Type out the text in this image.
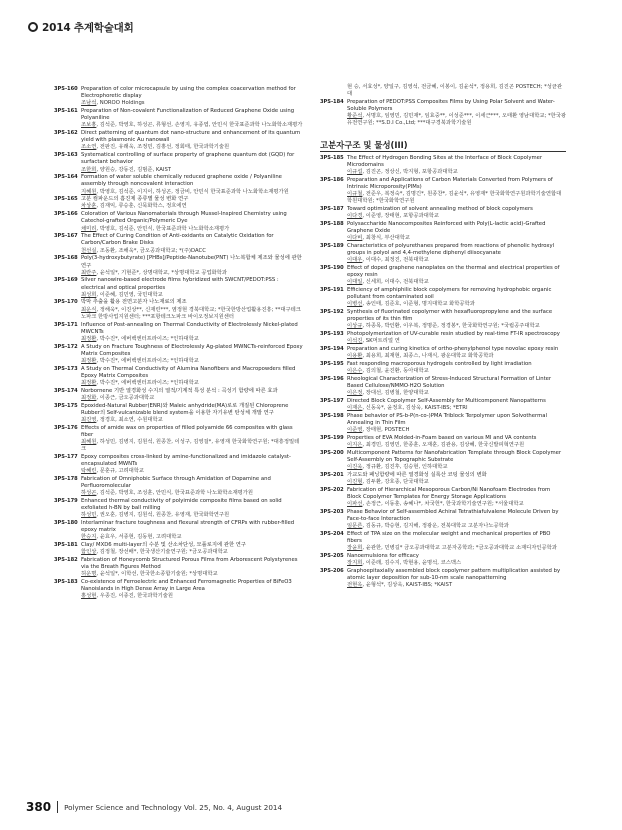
2014 추계학술대회
3PS-160 Preparation of color microcapsule by using the complex coacervation method for Electrophoretic display
조남석, NOROO Holdings
3PS-161 Preparation of Non-covalent Functionalization of Reduced Graphene Oxide using Polyaniline
조보홍, 김석준, 박영호, 하성곤, 류형선, 손영지, 유종엽, 안민식 한국표준과학 나노화학소재평가
3PS-162 Direct patterning of quantum dot nano-structure and enhancement of its quantum yield with plasmonic Au nanowall
조소연, 전판진, 유래욱, 조정민, 김홍선, 정회태, 한국과학기술원
3PS-163 Systematical controlling of surface property of graphene quantum dot (GQD) for surfactant behavior
조한희, 양원승, 강동진, 김범준, KAIST
3PS-164 Formation of water soluble chemically reduced graphene oxide / Polyaniline assembly through noncovalent interaction
지혜원, 박영호, 김석준, 이지이, 하성곤, 정금비, 안민식 한국표준과학 나노화학소재평가원
3PS-165 고분 컴파운드의 흡진제 종류별 물성 변화 연구
차상훈, 김재익, 류승훈, 신묵화학스, 정흐에연
3PS-166 Coloration of Various Nanomaterials through Mussel-Inspired Chemistry using Catechol-grafted Organic/Polymeric Dye
채미리, 박영호, 김석준, 안민식, 한국표준과학 나노화학소재평가
3PS-167 The Effect of Curing Condition of Anti-oxidants on Catalytic Oxidation for Carbon/Carbon Brake Disks
천선실, 조동환, 조해욱*, 금오공과대학교; *(주)DACC
3PS-168 Poly(3-hydroxybutyrate) [PHBs]/Peptide-Nanotube(PNT) 나노복합체 제조와 물성에 관한 연구
최란주, 윤석일*, 기현준*, 상명대학교, *상명대학교 공업화학과
3PS-169 Silver nanowire-based electrode films hybridized with SWCNT/PEDOT:PSS : electrical and optical properties
최성희, 이준혜, 김민영, 국민대학교
3PS-170 박막 추출을 활용 전면고분자 나노재료의 제조
최운식, 정해욱*, 이진상**, 신재린***, 염정현 경북대학교; *한국한방산업활용진흥; **대구테크노파크 한방사업지원센터; ***포항테크노파크 바이오정보지원센터
3PS-171 Influence of Post-annealing on Thermal Conductivity of Electrolessly Nickel-plated MWCNTs
최정환, 박수진*, 에버백엔터프라이즈; *인하대학교
3PS-172 A Study on Fracture Toughness of Electrolessly Ag-plated MWNCTs-reinforced Epoxy Matrix Composites
최정환, 박수진*, 에버백엔터프라이즈; *인하대학교
3PS-173 A Study on Thermal Conductivity of Alumina Nanofibers and Macropowders filled Epoxy Matrix Composites
최정환, 박수진*, 에버백엔터프라이즈; *인하대학교
3PS-174 Norbornene 기반 열경화성 수지의 열적/기계적 특성 분석 : 곡성기 함량에 따른 효과
최정화, 이종근, 금오공과대학교
3PS-175 Epoxided-Natural Rubber(ENR)와 Maleic anhydride(MA)로로 개질된 Chloroprene Rubber의 Self-vulcanizable blend system을 이용한 자기유변 탄성체 개발 연구
최진영, 정경호, 최소연, 수원대학교
3PS-176 Effects of amide wax on properties of filled polyamide 66 composites with glass fiber
최혜원, 하성민, 김병지, 김원석, 원종찬, 이성구, 김영걸*, 유영재 한국화학연구원; *대흥정밀테크
3PS-177 Epoxy composites cross-linked by amine-functionalized and imidazole catalyst-encapsulated MWNTs
탁혜린, 문훈규, 고려대학교
3PS-178 Fabrication of Omniphobic Surface through Amidation of Dopamine and Perfluoromolecular
하성곤, 김석준, 박영호, 조성훈, 안민식, 한국표준과학 나노화학소재평가원
3PS-179 Enhanced thermal conductivity of polyimide composite films based on solid exfoliated h-BN by ball milling
하성민, 권오훈, 김병지, 김원석, 원종찬, 유영재, 한국화학연구원
3PS-180 Interlaminar fracture toughness and flexural strength of CFRPs with rubber-filled epoxy matrix
한승지, 윤효우, 서종현, 김동현, 고려대학교
3PS-181 Clay/ MXD6 multi-layer의 수분 및 산소차단성, 모플로지에 관한 연구
함인상, 김정철, 장선배*, 한국생산기술연구원; *금오공과대학교
3PS-182 Fabrication of Honeycomb Structured Porous Films from Arborescent Polystyrenes via the Breath Figures Method
허운명, 윤석일*, 이학선, 한국한소종합기술원; *상명대학교
3PS-183 Co-existence of Ferroelectric and Enhanced Ferromagnetic Properties of BiFeO3 Nanoislands in High Dense Array in Large Area
홍성현, 우종진, 이종진, 한국과학기술원
현 승, 서효성*, 양일구, 김영석, 전금혜, 이봉이, 김윤석*, 정용희, 김진곤 POSTECH; *성균관대
3PS-184 Preparation of PEDOT:PSS Composites Films by Using Polar Solvent and Water-Soluble Polymers
황준석, 서명호, 임영민, 김민재*, 임효중**, 이성준***, 이세근***, 오태환 영남대학교; *한국광유전연구원; **S.D.I Co.,Ltd; ***대구경북과학기술원
고분자구조 및 물성(III)
3PS-185 The Effect of Hydrogen Bonding Sites at the Interface of Block Copolymer Microdomains
이규섭, 김진곤, 정상신, 박지형, 포항공과대학교
3PS-186 Preparation and Applications of Carbon Materials Converted from Polymers of Intrinsic Microporosity(PIMs)
이규철, 전준우, 복정숙*, 김명긴*, 원종찬*, 김윤석*, 유영재* 한국화학연구원과학기술연합대학원대학원; *한국화학연구원
3PS-187 Toward optimization of solvent annealing method of block copolymers
이다경, 이준영, 장태현, 포항공과대학교
3PS-188 Polysaccharide Nanocomposites Reinforced with Poly(L-lactic acid)-Grafted Graphene Oxide
이다비, 최창식, 부산대학교
3PS-189 Characteristics of polyurethanes prepared from reactions of phenolic hydroxyl groups in polyol and 4,4-methylene diphenyl diisocyanate
이대우, 이대수, 최정진, 전북대학교
3PS-190 Effect of doped graphene nanoplates on the thermal and electrical properties of epoxy resin
이대일, 신세희, 이대수, 전북대학교
3PS-191 Efficiency of amphiphilic block copolymers for removing hydrophobic organic pollutant from contaminated soil
이병선, 송인태, 김준호, 이준형, 명지대학교 화학공학과
3PS-192 Synthesis of fluorinated copolymer with hexafluoropropylene and the surface properties of its thin film
이상규, 하종목, 박인환, 이우복, 정명준, 정경봉*, 한국화학연구원; *국립공주대학교
3PS-193 Photopolymerization of UV-curable resin studied by real-time FT-IR spectroscopy
이석진, SK머트리얼 연
3PS-194 Preparation and curing kinetics of ortho-phenylphenol type novolac epoxy resin
이용환, 최용희, 최재현, 최종스, 나재식, 광운대학교 화학공학과
3PS-195 Fast responding macroporous hydrogels controlled by light irradiation
이은수, 김의철, 윤진환, 동아대학교
3PS-196 Rheological Characterization of Stress-Induced Structural Formation of Linter Based Cellulose/NMMO·H2O Solution
이은정, 장대선, 김병철, 한양대학교
3PS-197 Directed Block Copolymer Self-Assembly for Multicomponent Nanopatterns
이재은, 신동욱*, 윤정호, 김상욱, KAIST-IBS; *ETRI
3PS-198 Phase behavior of PS-b-P(n-co-)PMA Triblock Terpolymer upon Solvothermal Annealing in Thin Film
이준영, 장태현, POSTECH
3PS-199 Properties of EVA Molded-in-Foam based on various MI and VA contents
이지은, 최경민, 김영민, 한종훈, 오재훈, 김관용, 김상혜, 한국신발피혁연구원
3PS-200 Multicomponent Patterns for Nanofabrication Template through Block Copolymer Self-Assembly on Topographic Substrate
이진욱, 정규환, 김진후, 김승현, 인하대학교
3PS-201 가교도와 패닝함량에 따른 열경화성 실록산 코팅 물성의 변화
이진형, 김두환, 강호종, 단국대학교
3PS-202 Fabrication of Hierarchical Mesoporous Carbon/Ni Nanofoam Electrodes from Block Copolymer Templates for Energy Storage Applications
이파선, 손정근, 이동훈, 송혜나*, 차국헌*, 한국과학기술연구원; *서울대학교
3PS-203 Phase Behavior of Self-assembled Achiral Tetrathiafulvalene Molecule Driven by Face-to-face Interaction
임문른, 김동규, 박승현, 김지해, 정광운, 전북대학교 고분자나노공학과
3PS-204 Effect of TPA size on the molecular weight and mechanical properties of PBO fibers
장윤희, 윤관한, 민병길* 금오공과대학교 고분자공학과; *금오공과대학교 소재디자인공학과
3PS-205 Nanoemulsions for efficacy
장지희, 이준래, 김수지, 박현용, 윤명석, 코스맥스
3PS-206 Graphoepitaxially assembled block copolymer pattern multiplication assisted by atomic layer deposition for sub-10-nm scale nanopatterning
전현옥, 윤형석*, 김상욱, KAIST-IBS; *KAIST
380 Polymer Science and Technology Vol. 25, No. 4, August 2014
